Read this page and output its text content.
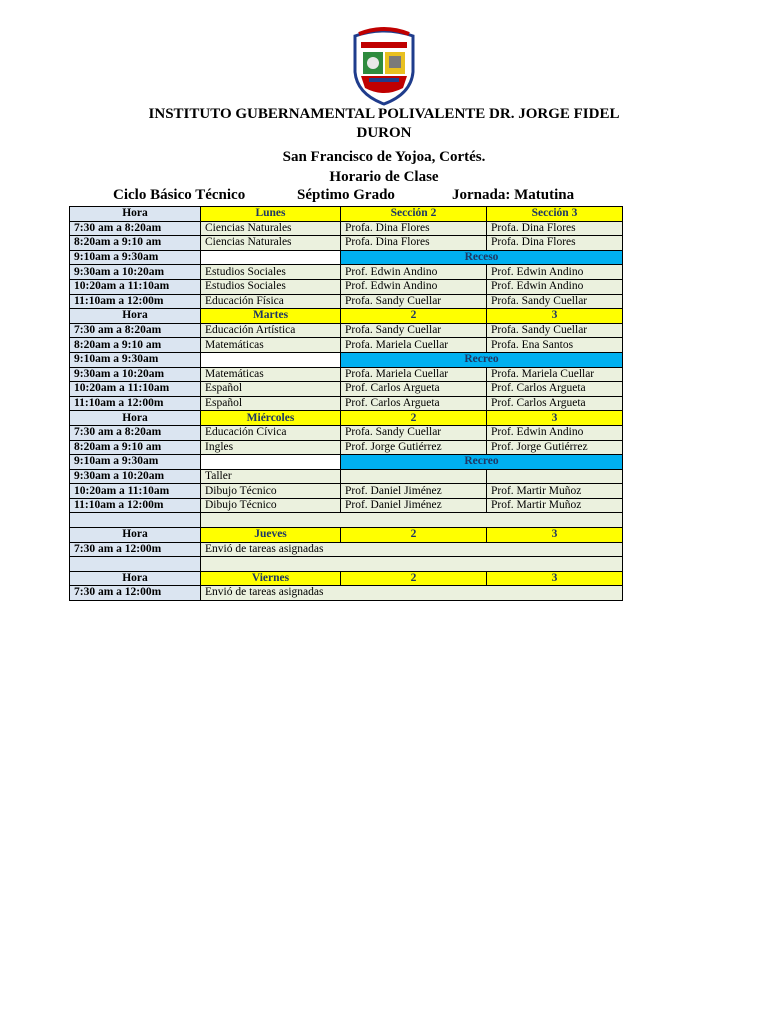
INSTITUTO GUBERNAMENTAL POLIVALENTE DR. JORGE FIDEL
DURON
San Francisco de Yojoa, Cortés.
Horario de Clase
Ciclo Básico Técnico	Séptimo Grado	Jornada: Matutina
Hora	Lunes	Sección 2	Sección 3
7:30 am a 8:20am	Ciencias Naturales	Profa. Dina Flores	Profa. Dina Flores
8:20am a 9:10 am	Ciencias Naturales	Profa. Dina Flores	Profa. Dina Flores
9:10am a 9:30am		Receso	
9:30am a 10:20am	Estudios Sociales	Prof. Edwin Andino	Prof. Edwin Andino
10:20am a 11:10am	Estudios Sociales	Prof. Edwin Andino	Prof. Edwin Andino
11:10am a 12:00m	Educación Física	Profa. Sandy Cuellar	Profa. Sandy Cuellar
Hora	Martes	2	3
7:30 am a 8:20am	Educación Artística	Profa. Sandy Cuellar	Profa. Sandy Cuellar
8:20am a 9:10 am	Matemáticas	Profa. Mariela Cuellar	Profa. Ena Santos
9:10am a 9:30am		Recreo	
9:30am a 10:20am	Matemáticas	Profa. Mariela Cuellar	Profa. Mariela Cuellar
10:20am a 11:10am	Español	Prof. Carlos Argueta	Prof. Carlos Argueta
11:10am a 12:00m	Español	Prof. Carlos Argueta	Prof. Carlos Argueta
Hora	Miércoles	2	3
7:30 am a 8:20am	Educación Cívica	Profa. Sandy Cuellar	Prof. Edwin Andino
8:20am a 9:10 am	Ingles	Prof. Jorge Gutiérrez	Prof. Jorge Gutiérrez
9:10am a 9:30am		Recreo	
9:30am a 10:20am	Taller		
10:20am a 11:10am	Dibujo Técnico	Prof. Daniel Jiménez	Prof. Martir Muñoz
11:10am a 12:00m	Dibujo Técnico	Prof. Daniel Jiménez	Prof. Martir Muñoz

Hora	Jueves	2	3
7:30 am a 12:00m	Envió de tareas asignadas		

Hora	Viernes	2	3
7:30 am a 12:00m	Envió de tareas asignadas		
